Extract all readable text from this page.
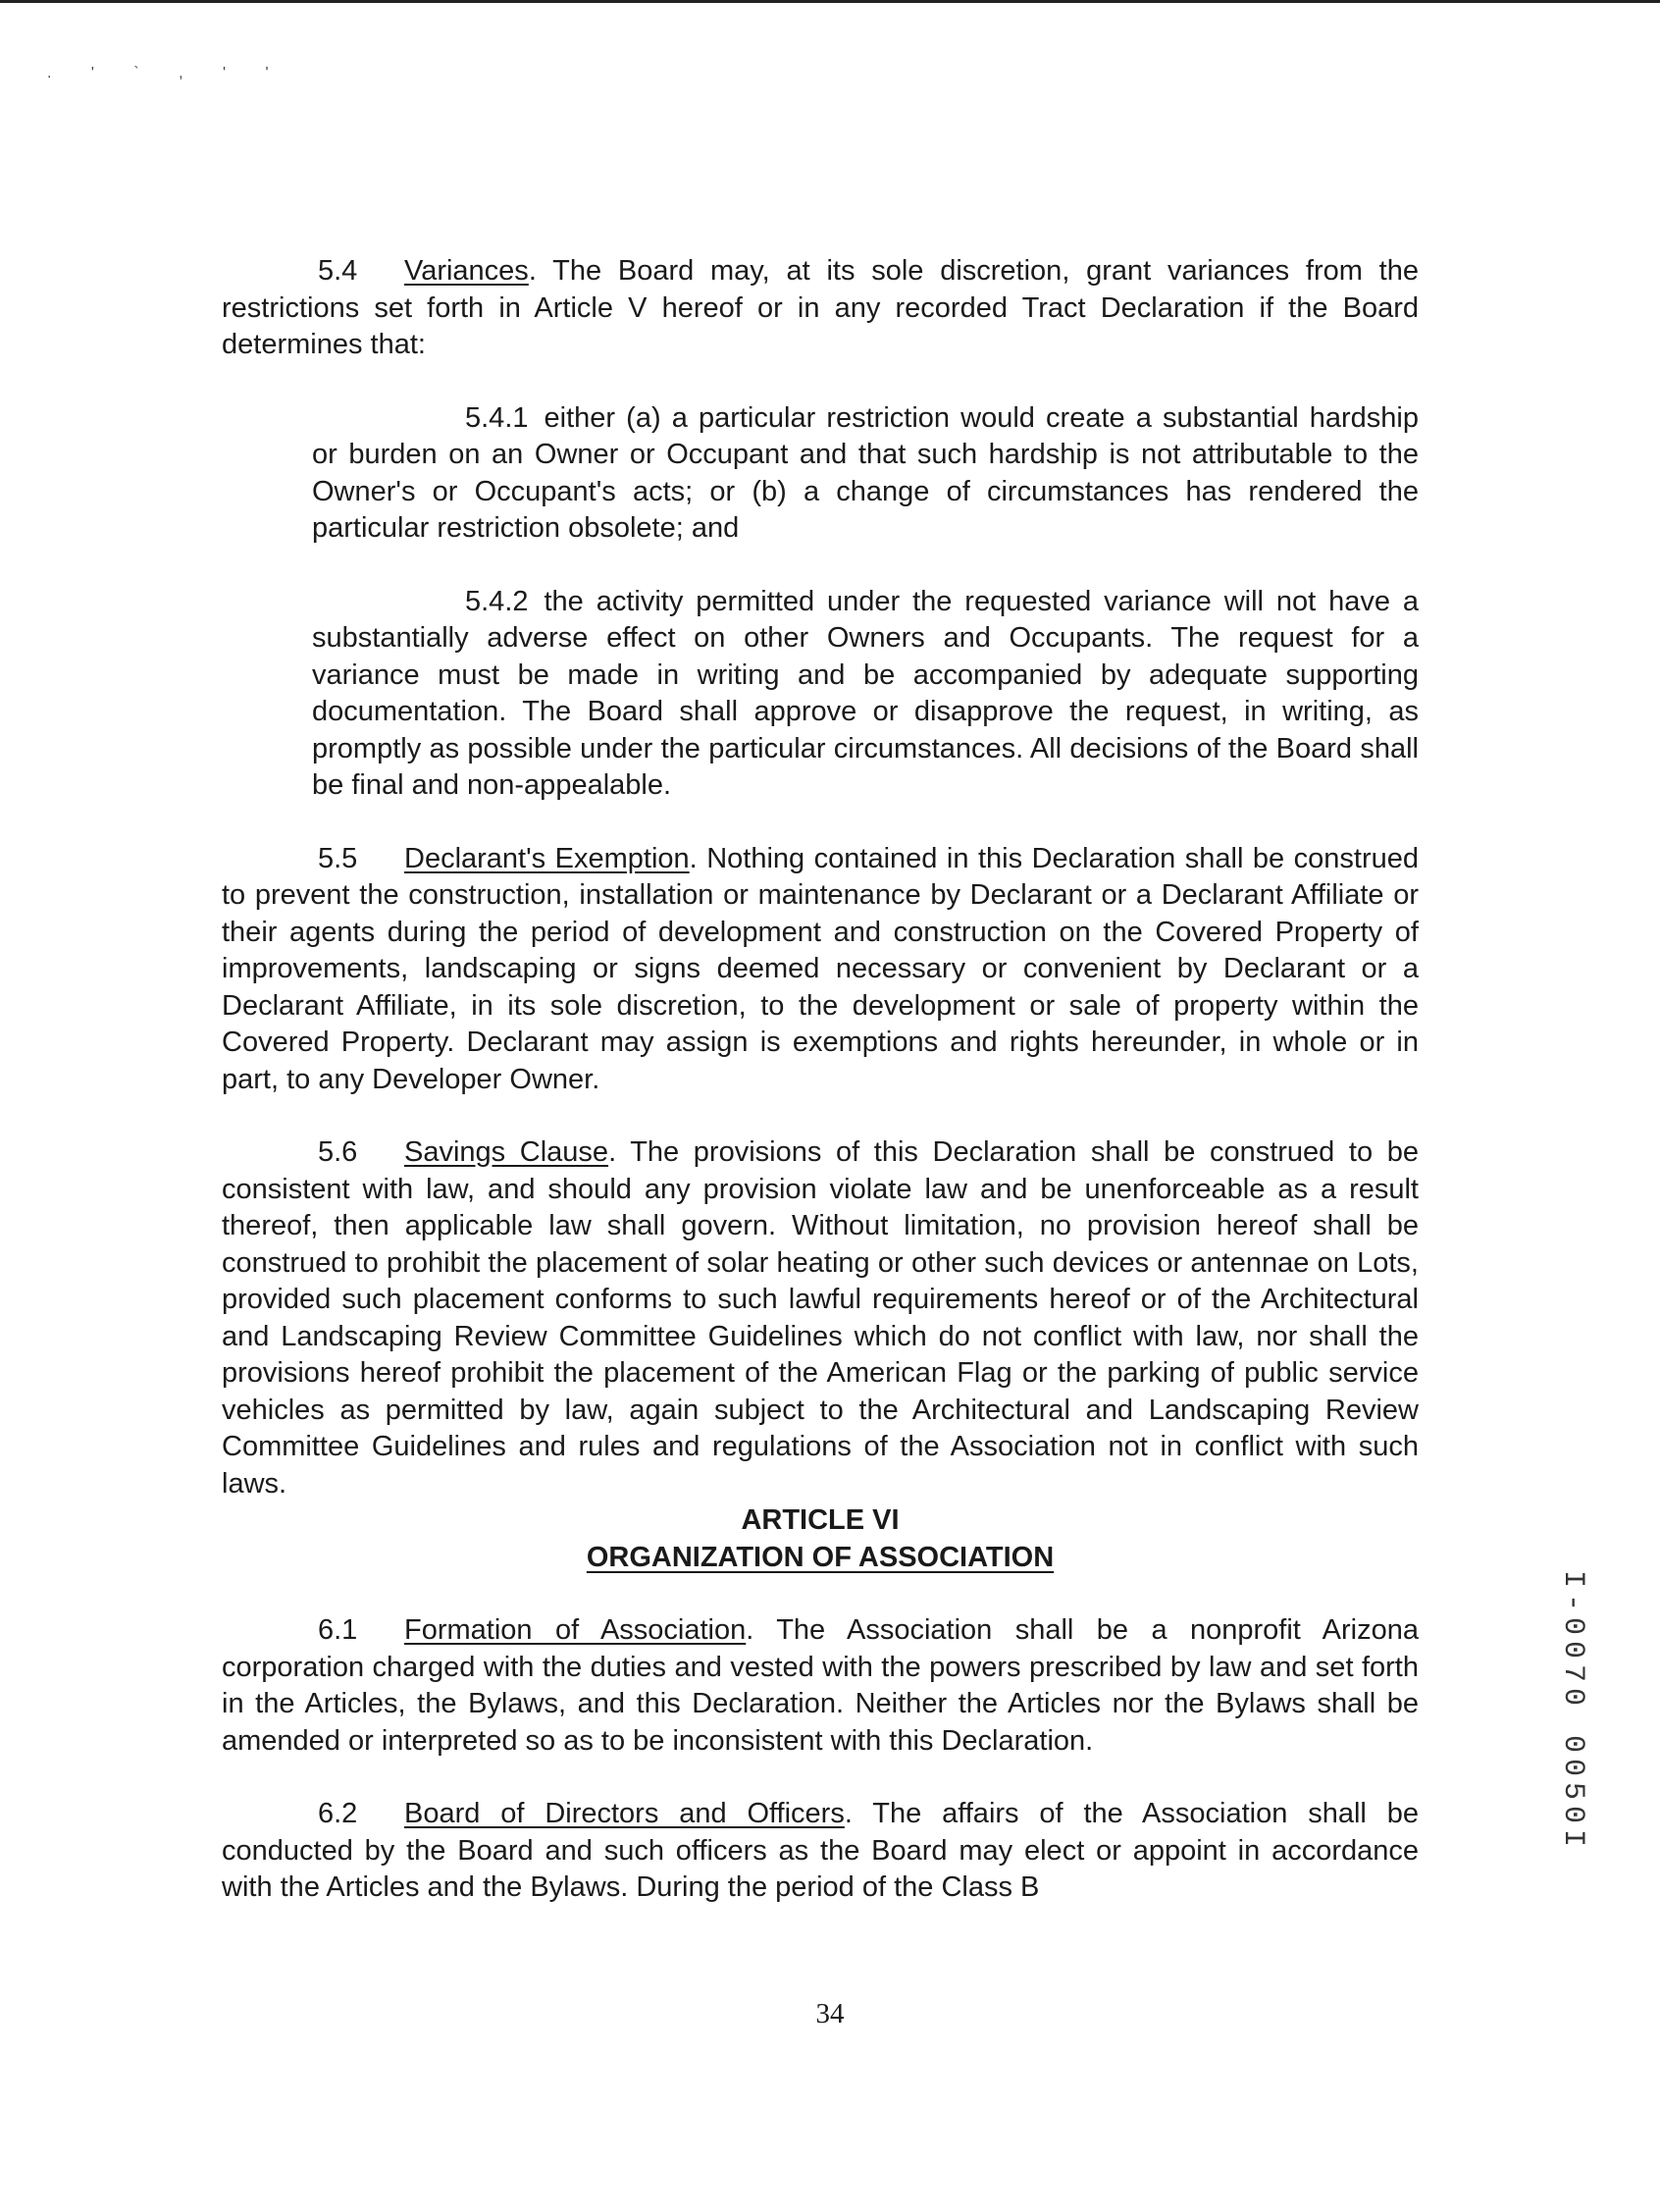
. ' ` , ' '

5.4 Variances. The Board may, at its sole discretion, grant variances from the restrictions set forth in Article V hereof or in any recorded Tract Declaration if the Board determines that:

5.4.1 either (a) a particular restriction would create a substantial hardship or burden on an Owner or Occupant and that such hardship is not attributable to the Owner's or Occupant's acts; or (b) a change of circumstances has rendered the particular restriction obsolete; and

5.4.2 the activity permitted under the requested variance will not have a substantially adverse effect on other Owners and Occupants. The request for a variance must be made in writing and be accompanied by adequate supporting documentation. The Board shall approve or disapprove the request, in writing, as promptly as possible under the particular circumstances. All decisions of the Board shall be final and non-appealable.

5.5 Declarant's Exemption. Nothing contained in this Declaration shall be construed to prevent the construction, installation or maintenance by Declarant or a Declarant Affiliate or their agents during the period of development and construction on the Covered Property of improvements, landscaping or signs deemed necessary or convenient by Declarant or a Declarant Affiliate, in its sole discretion, to the development or sale of property within the Covered Property. Declarant may assign is exemptions and rights hereunder, in whole or in part, to any Developer Owner.

5.6 Savings Clause. The provisions of this Declaration shall be construed to be consistent with law, and should any provision violate law and be unenforceable as a result thereof, then applicable law shall govern. Without limitation, no provision hereof shall be construed to prohibit the placement of solar heating or other such devices or antennae on Lots, provided such placement conforms to such lawful requirements hereof or of the Architectural and Landscaping Review Committee Guidelines which do not conflict with law, nor shall the provisions hereof prohibit the placement of the American Flag or the parking of public service vehicles as permitted by law, again subject to the Architectural and Landscaping Review Committee Guidelines and rules and regulations of the Association not in conflict with such laws.

ARTICLE VI

ORGANIZATION OF ASSOCIATION

6.1 Formation of Association. The Association shall be a nonprofit Arizona corporation charged with the duties and vested with the powers prescribed by law and set forth in the Articles, the Bylaws, and this Declaration. Neither the Articles nor the Bylaws shall be amended or interpreted so as to be inconsistent with this Declaration.

6.2 Board of Directors and Officers. The affairs of the Association shall be conducted by the Board and such officers as the Board may elect or appoint in accordance with the Articles and the Bylaws. During the period of the Class B

34
I-0070 0050I
